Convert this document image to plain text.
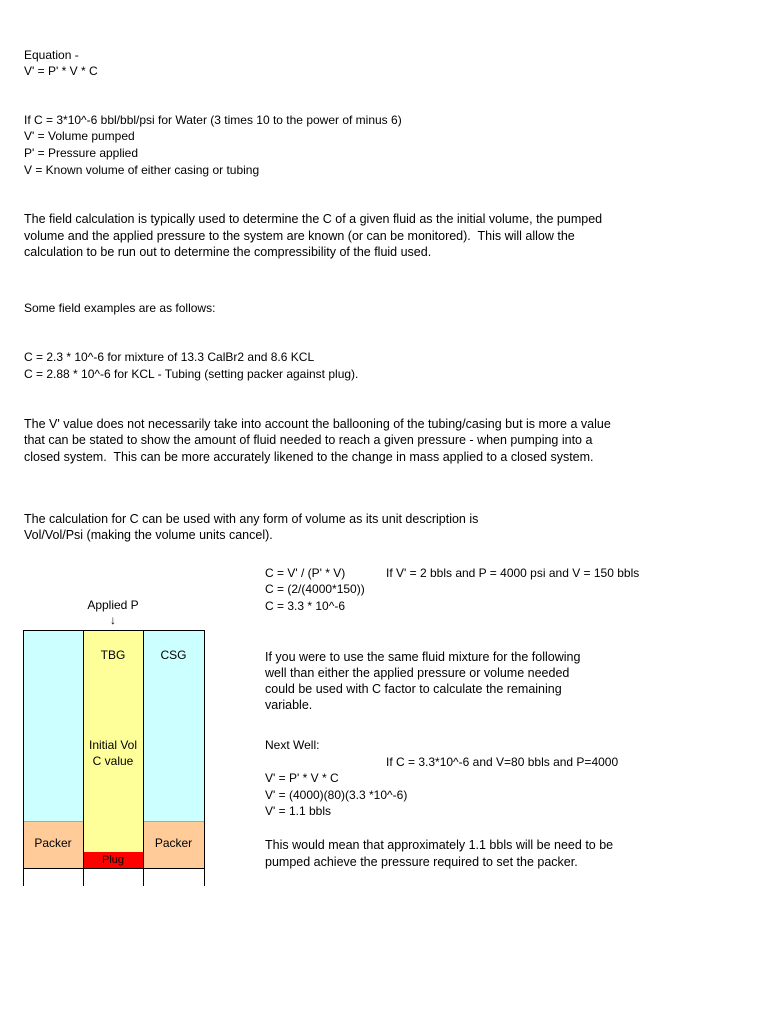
Equation -
V' = P' * V * C
If C = 3*10^-6 bbl/bbl/psi for Water (3 times 10 to the power of minus 6)
V' = Volume pumped
P' = Pressure applied
V = Known volume of either casing or tubing
The field calculation is typically used to determine the C of a given fluid as the initial volume, the pumped
volume and the applied pressure to the system are known (or can be monitored).  This will allow the
calculation to be run out to determine the compressibility of the fluid used.
Some field examples are as follows:
C = 2.3 * 10^-6 for mixture of 13.3 CalBr2 and 8.6 KCL
C = 2.88 * 10^-6 for KCL - Tubing (setting packer against plug).
The V' value does not necessarily take into account the ballooning of the tubing/casing but is more a value
that can be stated to show the amount of fluid needed to reach a given pressure - when pumping into a
closed system.  This can be more accurately likened to the change in mass applied to a closed system.
The calculation for C can be used with any form of volume as its unit description is
Vol/Vol/Psi (making the volume units cancel).
C = V' / (P' * V)	If V' = 2 bbls and P = 4000 psi and V = 150 bbls
C = (2/(4000*150))
C = 3.3 * 10^-6
If you were to use the same fluid mixture for the following
well than either the applied pressure or volume needed
could be used with C factor to calculate the remaining
variable.
Next Well:
If C = 3.3*10^-6 and V=80 bbls and P=4000
V' = P' * V * C
V' = (4000)(80)(3.3 *10^-6)
V' = 1.1 bbls
This would mean that approximately 1.1 bbls will be need to be
pumped achieve the pressure required to set the packer.
Applied P
↓
TBG	CSG
Initial Vol
C value
Packer	Packer
Plug
